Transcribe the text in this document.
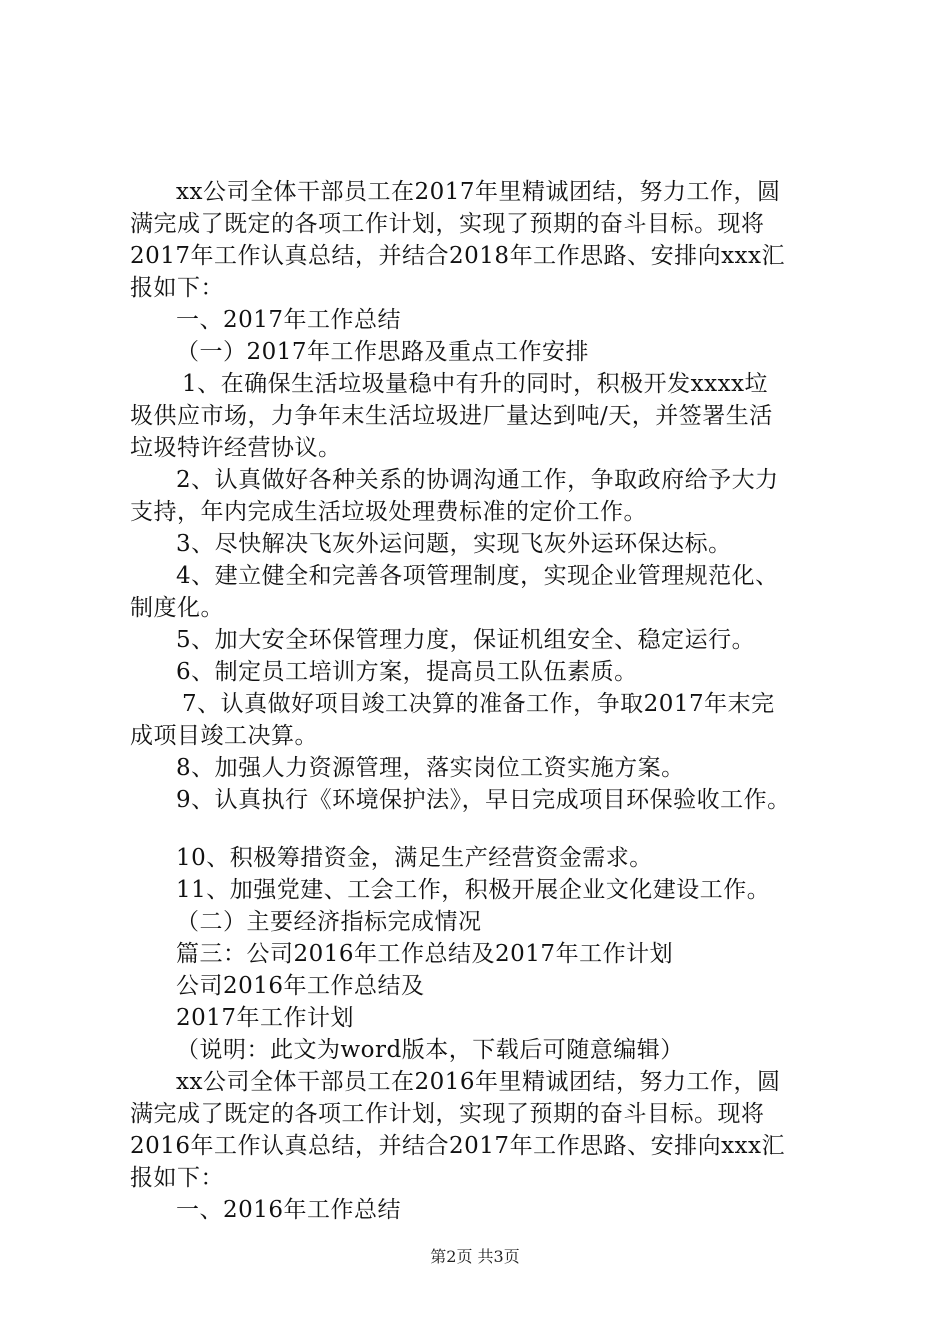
xx公司全体干部员工在2017年里精诚团结，努力工作，圆
满完成了既定的各项工作计划，实现了预期的奋斗目标。现将
2017年工作认真总结，并结合2018年工作思路、安排向xxx汇
报如下：
一、2017年工作总结
（一）2017年工作思路及重点工作安排
1、在确保生活垃圾量稳中有升的同时，积极开发xxxx垃
圾供应市场，力争年末生活垃圾进厂量达到吨/天，并签署生活
垃圾特许经营协议。
2、认真做好各种关系的协调沟通工作，争取政府给予大力
支持，年内完成生活垃圾处理费标准的定价工作。
3、尽快解决飞灰外运问题，实现飞灰外运环保达标。
4、建立健全和完善各项管理制度，实现企业管理规范化、
制度化。
5、加大安全环保管理力度，保证机组安全、稳定运行。
6、制定员工培训方案，提高员工队伍素质。
7、认真做好项目竣工决算的准备工作，争取2017年末完
成项目竣工决算。
8、加强人力资源管理，落实岗位工资实施方案。
9、认真执行《环境保护法》，早日完成项目环保验收工作。
10、积极筹措资金，满足生产经营资金需求。
11、加强党建、工会工作，积极开展企业文化建设工作。
（二）主要经济指标完成情况
篇三：公司2016年工作总结及2017年工作计划
公司2016年工作总结及
2017年工作计划
（说明：此文为word版本，下载后可随意编辑）
xx公司全体干部员工在2016年里精诚团结，努力工作，圆
满完成了既定的各项工作计划，实现了预期的奋斗目标。现将
2016年工作认真总结，并结合2017年工作思路、安排向xxx汇
报如下：
一、2016年工作总结
第2页 共3页
